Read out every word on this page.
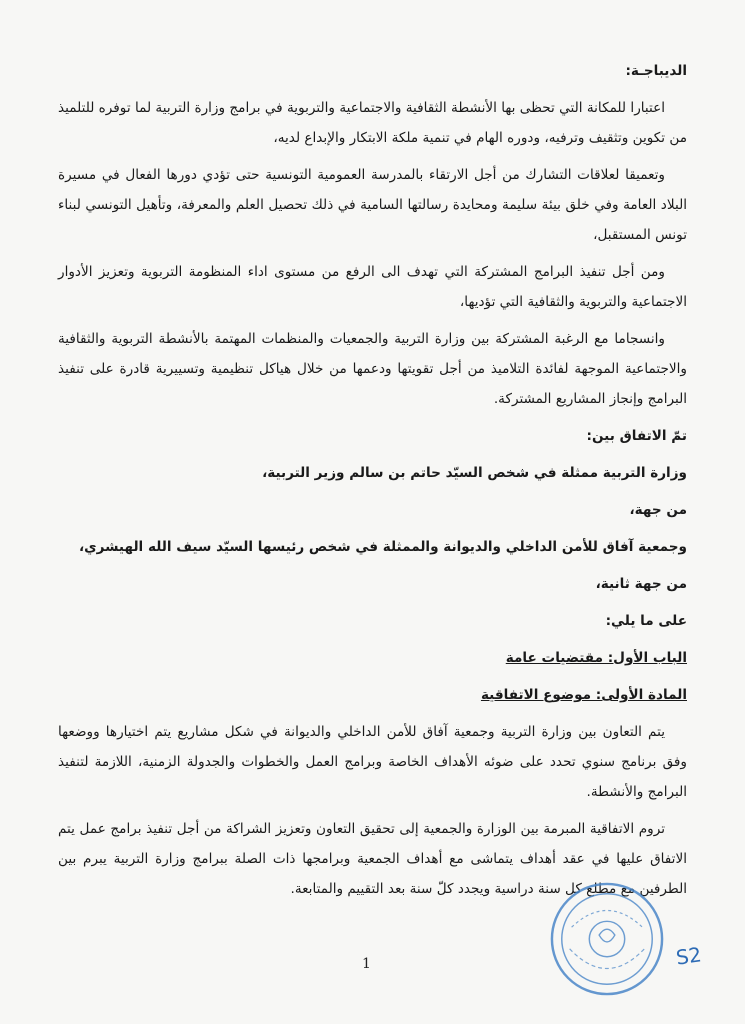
الديباجـة:

اعتبارا للمكانة التي تحظى بها الأنشطة الثقافية والاجتماعية والتربوية في برامج وزارة التربية لما توفره للتلميذ من تكوين وتثقيف وترفيه، ودوره الهام في تنمية ملكة الابتكار والإبداع لديه،

وتعميقا لعلاقات التشارك من أجل الارتقاء بالمدرسة العمومية التونسية حتى تؤدي دورها الفعال في مسيرة البلاد العامة وفي خلق بيئة سليمة ومحايدة رسالتها السامية في ذلك تحصيل العلم والمعرفة، وتأهيل التونسي لبناء تونس المستقبل،

ومن أجل تنفيذ البرامج المشتركة التي تهدف الى الرفع من مستوى اداء المنظومة التربوية وتعزيز الأدوار الاجتماعية والتربوية والثقافية التي تؤديها،

وانسجاما مع الرغبة المشتركة بين وزارة التربية والجمعيات والمنظمات المهتمة بالأنشطة التربوية والثقافية والاجتماعية الموجهة لفائدة التلاميذ من أجل تقويتها ودعمها من خلال هياكل تنظيمية وتسييرية قادرة على تنفيذ البرامج وإنجاز المشاريع المشتركة.

تمّ الاتفاق بين:

وزارة التربية ممثلة في شخص السيّد حاتم بن سالم وزير التربية،

من جهة،

وجمعية آفاق للأمن الداخلي والديوانة والممثلة في شخص رئيسها السيّد سيف الله الهيشري،

من جهة ثانية،

على ما يلي:

الباب الأول: مقتضيات عامة

المادة الأولى: موضوع الاتفاقية

يتم التعاون بين وزارة التربية وجمعية آفاق للأمن الداخلي والديوانة في شكل مشاريع يتم اختيارها ووضعها وفق برنامج سنوي تحدد على ضوئه الأهداف الخاصة وبرامج العمل والخطوات والجدولة الزمنية، اللازمة لتنفيذ البرامج والأنشطة.

تروم الاتفاقية المبرمة بين الوزارة والجمعية إلى تحقيق التعاون وتعزيز الشراكة من أجل تنفيذ برامج عمل يتم الاتفاق عليها في عقد أهداف يتماشى مع أهداف الجمعية وبرامجها ذات الصلة ببرامج وزارة التربية يبرم بين الطرفين مع مطلع كل سنة دراسية ويجدد كلّ سنة بعد التقييم والمتابعة.

1	S2
